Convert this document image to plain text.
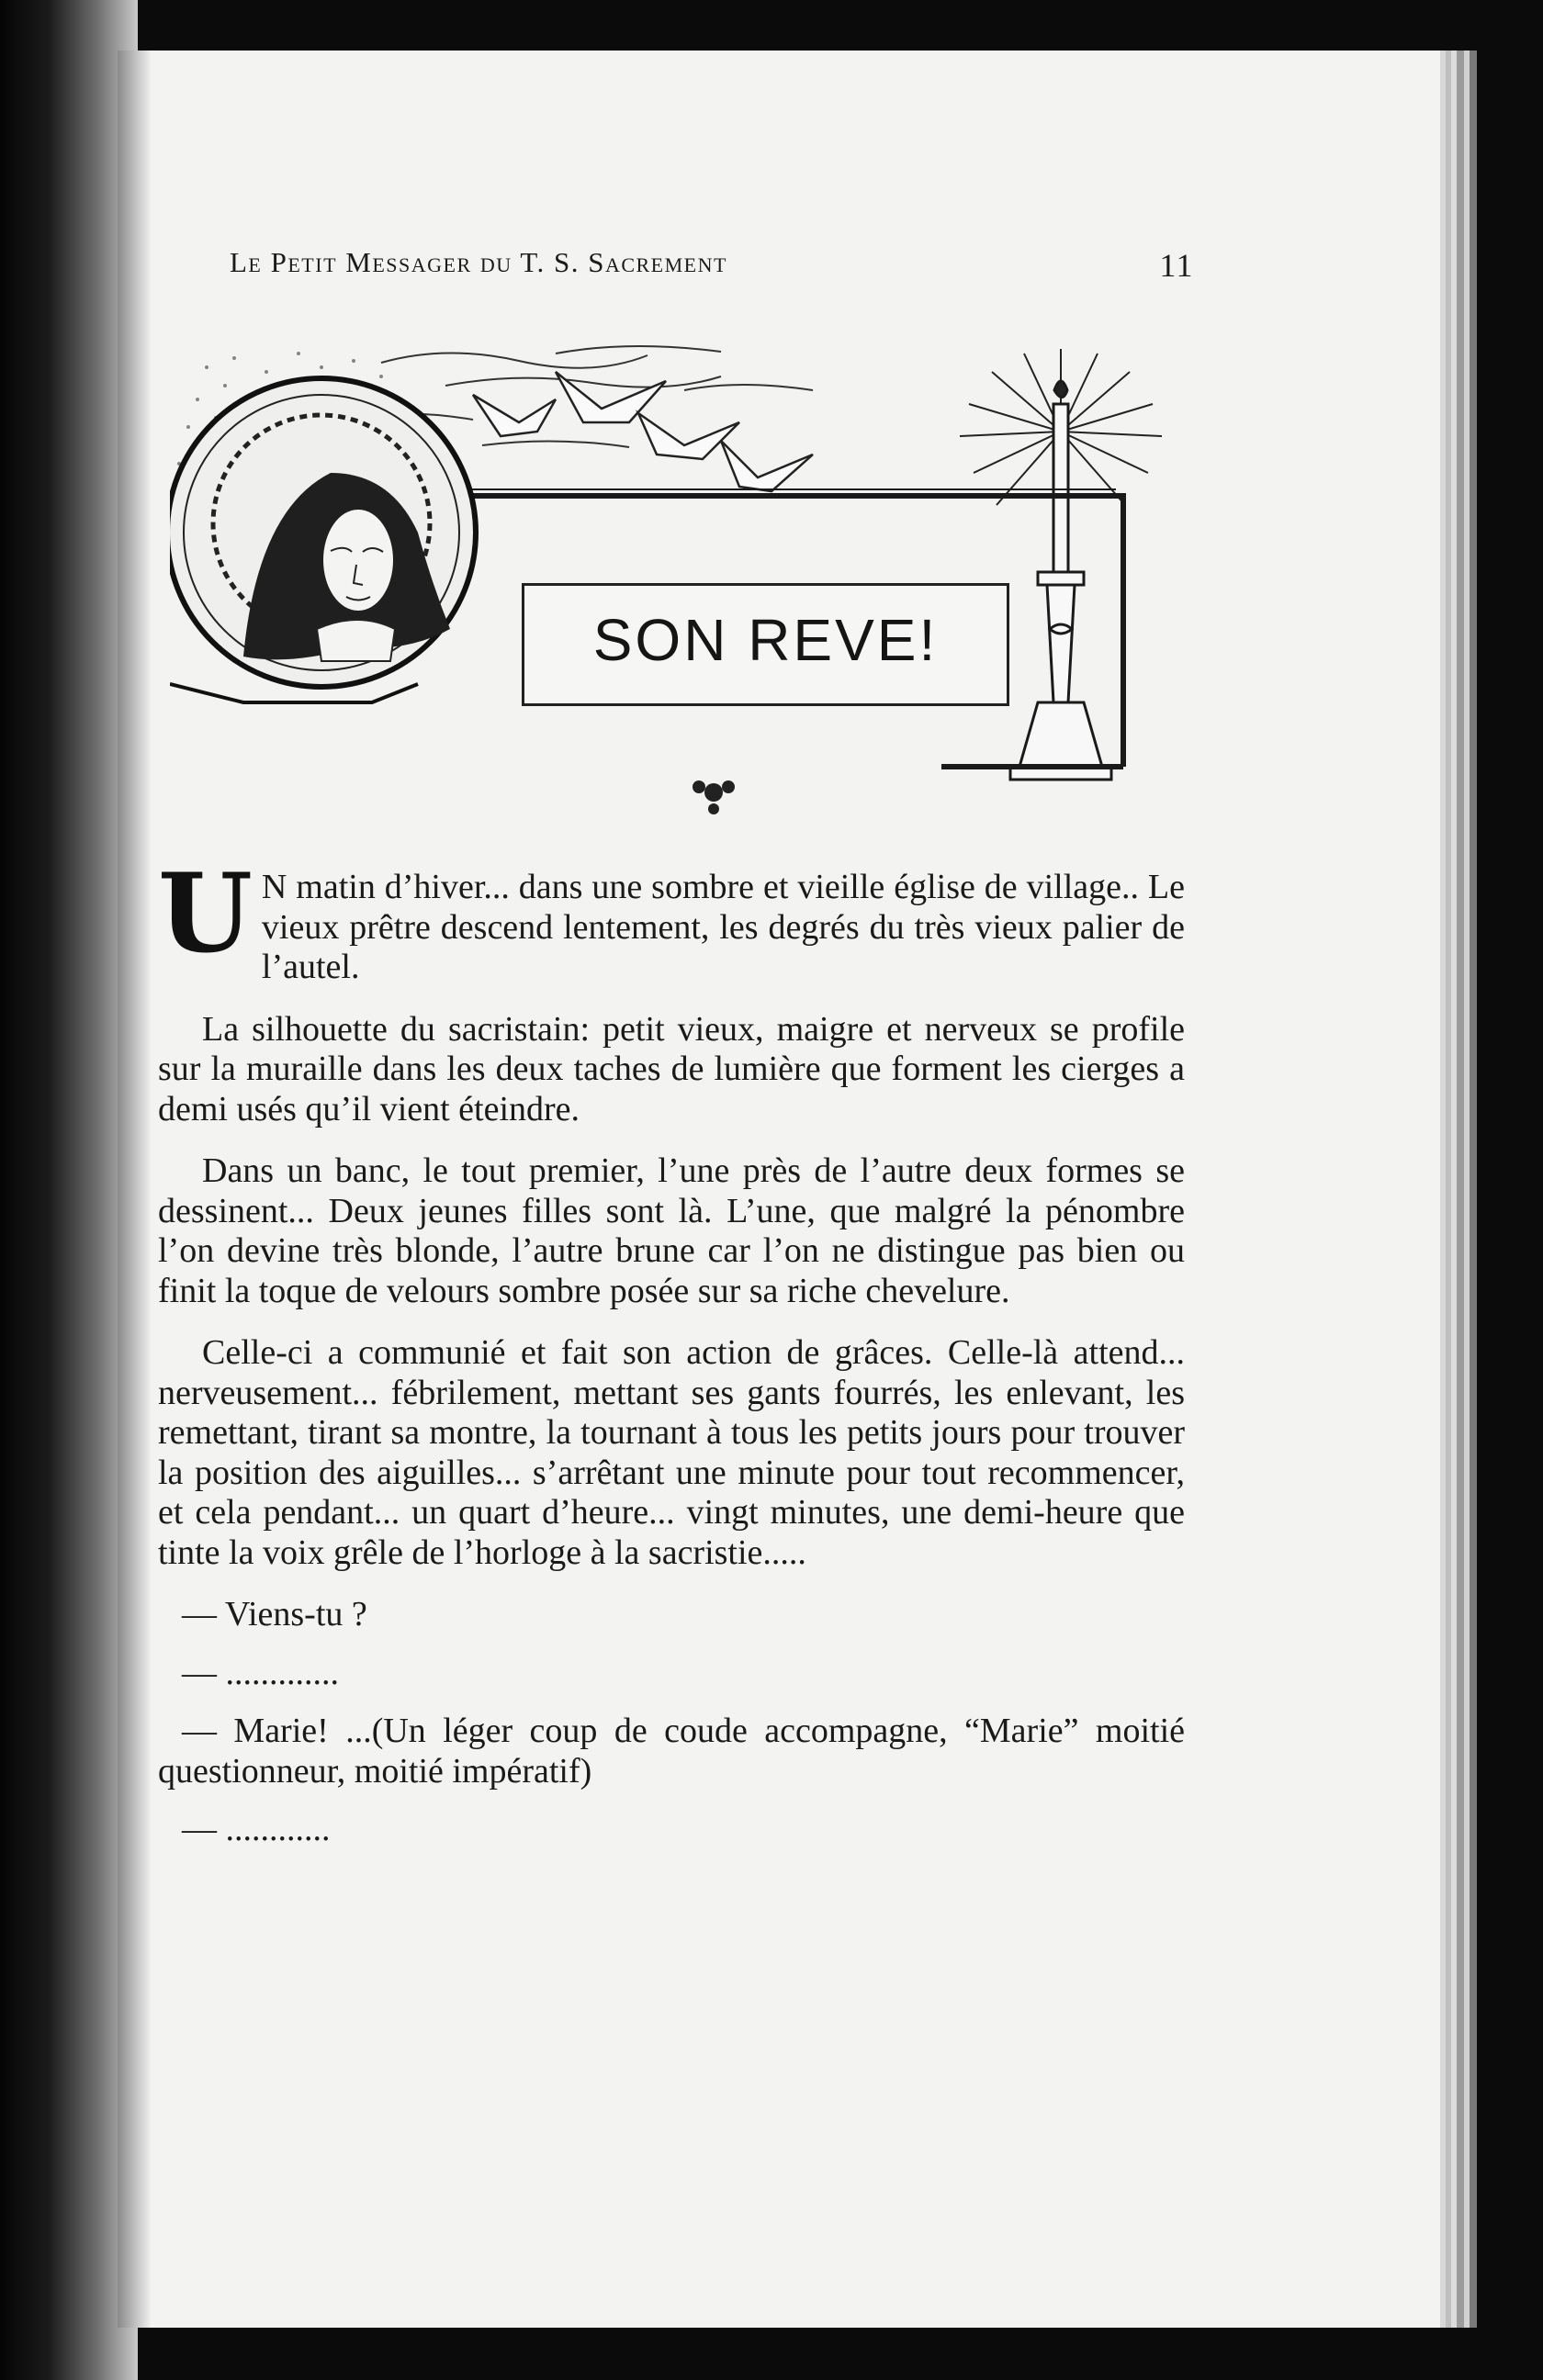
Le Petit Messager du T. S. Sacrement	11
SON REVE!

U N matin d’hiver... dans une sombre et vieille église de village.. Le vieux prêtre descend lentement, les degrés du très vieux palier de l’autel.

La silhouette du sacristain: petit vieux, maigre et nerveux se profile sur la muraille dans les deux taches de lumière que forment les cierges a demi usés qu’il vient éteindre.

Dans un banc, le tout premier, l’une près de l’autre deux formes se dessinent... Deux jeunes filles sont là. L’une, que malgré la pénombre l’on devine très blonde, l’autre brune car l’on ne distingue pas bien ou finit la toque de velours sombre posée sur sa riche chevelure.

Celle-ci a communié et fait son action de grâces. Celle-là attend... nerveusement... fébrilement, mettant ses gants fourrés, les enlevant, les remettant, tirant sa montre, la tournant à tous les petits jours pour trouver la position des aiguilles... s’arrêtant une minute pour tout recommencer, et cela pendant... un quart d’heure... vingt minutes, une demi-heure que tinte la voix grêle de l’horloge à la sacristie.....

— Viens-tu ?

— .............

— Marie! ...(Un léger coup de coude accompagne, “Marie” moitié questionneur, moitié impératif)

— ............
